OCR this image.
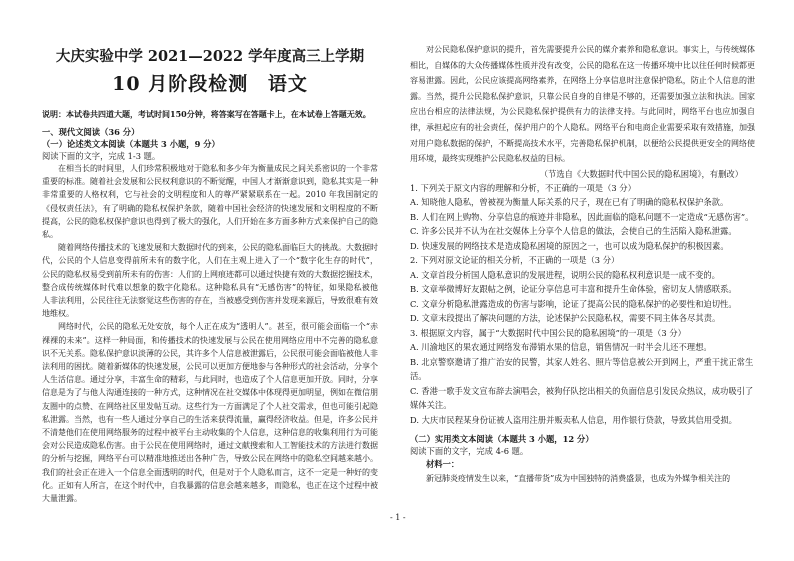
大庆实验中学 2021—2022 学年度高三上学期
10 月阶段检测 语文
说明：本试卷共四道大题，考试时间150分钟，将答案写在答题卡上，在本试卷上答题无效。
一、现代文阅读（36 分）
（一）论述类文本阅读（本题共 3 小题，9 分）
阅读下面的文字，完成 1-3 题。

在相当长的时间里，人们珍常积极地对于隐私和多少年为衡量成民之间关系密识的一个非常重要的标准。随着社会发展和公民权利意识的不断觉醒，中国人才渐渐意识到，隐私其实是一种非常重要的人格权利，它与社会的文明程度和人的尊严紧紧联系在一起。2010 年我国制定的《侵权责任法》，有了明确的隐私权保护条款，随着中国社会经济的快速发展和文明程度的不断提高，公民的隐私权保护意识也得到了极大的强化，人们开始在多方面多种方式来保护自己的隐私。

随着网络传播技术的飞速发展和大数据时代的到来，公民的隐私面临巨大的挑战。大数据时代，公民的个人信息变得前所未有的数字化，人们在主观上进入了一个“数字化生存的时代”，公民的隐私权易受到前所未有的伤害：人们的上网痕迹都可以通过快捷有效的大数据挖掘技术，整合成传统媒体时代难以想象的数字化隐私。这种隐私具有“无感伤害”的特征，如果隐私被他人非法利用，公民往往无法察觉这些伤害的存在，当被感受到伤害并发现来源后，导致很难有效地维权。

网络时代，公民的隐私无处安放，每个人正在成为“透明人”。甚至，很可能会面临一个“赤裸裸的未来”。这样一种局面，和传播技术的快速发展与公民在使用网络应用中不完善的隐私意识不无关系。隐私保护意识淡薄的公民，其许多个人信息被泄露后，公民很可能会面临被他人非法利用的困扰。随着新媒体的快速发展，公民可以更加方便地参与各种形式的社会活动，分享个人生活信息。通过分享，丰富生命的精彩，与此同时，也造成了个人信息更加开放。同时，分享信息是为了与他人沟通连接的一种方式，这种情况在社交媒体中体现得更加明显，例如在微信朋友圈中的点赞、在网络社区里发帖互动。这些行为一方面满足了个人社交需求，但也可能引起隐私泄露。当然，也有一些人通过分享自己的生活来获得流量，赢得经济收益。但是，许多公民并不清楚他们在使用网络服务的过程中被平台主动收集的个人信息，这种信息的收集利用行为可能会对公民造成隐私伤害。由于公民在使用网络时，通过文献搜索和人工智能技术的方法进行数据的分析与挖掘，网络平台可以精准地推送出各种广告，导致公民在网络中的隐私空间越来越小。我们的社会正在进入一个信息全面透明的时代，但是对于个人隐私而言，这不一定是一种好的变化。正如有人所言，在这个时代中，自我暴露的信息会越来越多，而隐私，也正在这个过程中被大量泄露。

对公民隐私保护意识的提升，首先需要提升公民的媒介素养和隐私意识。事实上，与传统媒体相比，自媒体的大众传播媒体性质并没有改变，公民的隐私在这一传播环境中比以往任何时候都更容易泄露。因此，公民应该提高网络素养，在网络上分享信息时注意保护隐私，防止个人信息的泄露。当然，提升公民隐私保护意识，只靠公民自身的自律是不够的，还需要加强立法和执法。国家应出台相应的法律法规，为公民隐私保护提供有力的法律支持。与此同时，网络平台也应加强自律，承担起应有的社会责任，保护用户的个人隐私。网络平台和电商企业需要采取有效措施，加强对用户隐私数据的保护，不断提高技术水平，完善隐私保护机制，以便给公民提供更安全的网络使用环境，最终实现维护公民隐私权益的目标。

（节选自《大数据时代中国公民的隐私困境》，有删改）

1. 下列关于原文内容的理解和分析，不正确的一项是（3 分）

A. 知晓他人隐私，曾被视为衡量人际关系的尺子，现在已有了明确的隐私权保护条款。

B. 人们在网上购物、分享信息的痕迹并非隐私，因此面临的隐私问题不一定造成“无感伤害”。

C. 许多公民并不认为在社交媒体上分享个人信息的做法，会使自己的生活陷入隐私泄露。

D. 快速发展的网络技术是造成隐私困境的原因之一，也可以成为隐私保护的积极因素。

2. 下列对原文论证的相关分析，不正确的一项是（3 分）

A. 文章首段分析国人隐私意识的发展进程，说明公民的隐私权利意识是一成不变的。

B. 文章举微博好友跟帖之例，论证分享信息可丰富和提升生命体验，密切友人情感联系。

C. 文章分析隐私泄露造成的伤害与影响，论证了提高公民的隐私保护的必要性和迫切性。

D. 文章末段提出了解决问题的方法，论述保护公民隐私权，需要不同主体各尽其责。

3. 根据原文内容，属于“大数据时代中国公民的隐私困境”的一项是（3 分）

A. 川渝地区的果农通过网络发布滞销水果的信息，销售情况一时半会儿还不理想。

B. 北京警察邀请了推广治安的民警，其家人姓名、照片等信息被公开到网上，严重干扰正常生活。

C. 香港一歌手发文宣布辞去演唱会，被狗仔队挖出相关的负面信息引发民众热议，成功吸引了媒体关注。

D. 大庆市民程某身份证被人盗用注册并贩卖私人信息，用作银行贷款，导致其信用受损。

（二）实用类文本阅读（本题共 3 小题，12 分）
阅读下面的文字，完成 4-6 题。
材料一：

新冠肺炎疫情发生以来，“直播带货”成为中国独特的消费盛景，也成为外媒争相关注的

- 1 -
